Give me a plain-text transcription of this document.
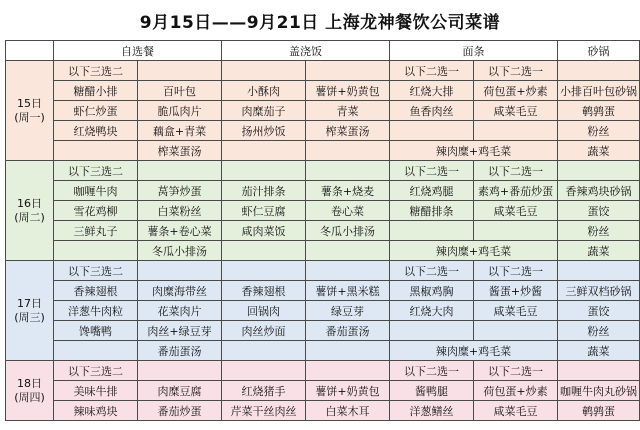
9月15日——9月21日 上海龙神餐饮公司菜谱
	自选餐		盖浇饭		面条		砂锅

15日
(周一)	以下三选二				以下二选一	以下二选一	
	糖醋小排	百叶包	小酥肉	薯饼+奶黄包	红烧大排	荷包蛋+炒素	小排百叶包砂锅
	虾仁炒蛋	脆瓜肉片	肉糜茄子	青菜	鱼香肉丝	咸菜毛豆	鹌鹑蛋
	红烧鸭块	藕盒+青菜	扬州炒饭	榨菜蛋汤			粉丝
		榨菜蛋汤			辣肉糜+鸡毛菜		蔬菜

16日
(周二)	以下三选二				以下二选一	以下二选一	
	咖喱牛肉	莴笋炒蛋	茄汁排条	薯条+烧麦	红烧鸡腿	素鸡+番茄炒蛋	香辣鸡块砂锅
	雪花鸡柳	白菜粉丝	虾仁豆腐	卷心菜	糖醋排条	咸菜毛豆	蛋饺
	三鲜丸子	薯条+卷心菜	咸肉菜饭	冬瓜小排汤			粉丝
		冬瓜小排汤			辣肉糜+鸡毛菜		蔬菜

17日
(周三)	以下三选二				以下二选一	以下二选一	
	香辣翅根	肉糜海带丝	香辣翅根	薯饼+黑米糕	黑椒鸡胸	酱蛋+炒酱	三鲜双档砂锅
	洋葱牛肉粒	花菜肉片	回锅肉	绿豆芽	红烧大肉	咸菜毛豆	蛋饺
	馋嘴鸭	肉丝+绿豆芽	肉丝炒面	番茄蛋汤			粉丝
		番茄蛋汤			辣肉糜+鸡毛菜		蔬菜

18日
(周四)	以下三选二				以下二选一	以下二选一	
	美味牛排	肉糜豆腐	红烧猪手	薯饼+奶黄包	酱鸭腿	荷包蛋+炒素	咖喱牛肉丸砂锅
	辣味鸡块	番茄炒蛋	芹菜干丝肉丝	白菜木耳	洋葱鳝丝	咸菜毛豆	鹌鹑蛋
